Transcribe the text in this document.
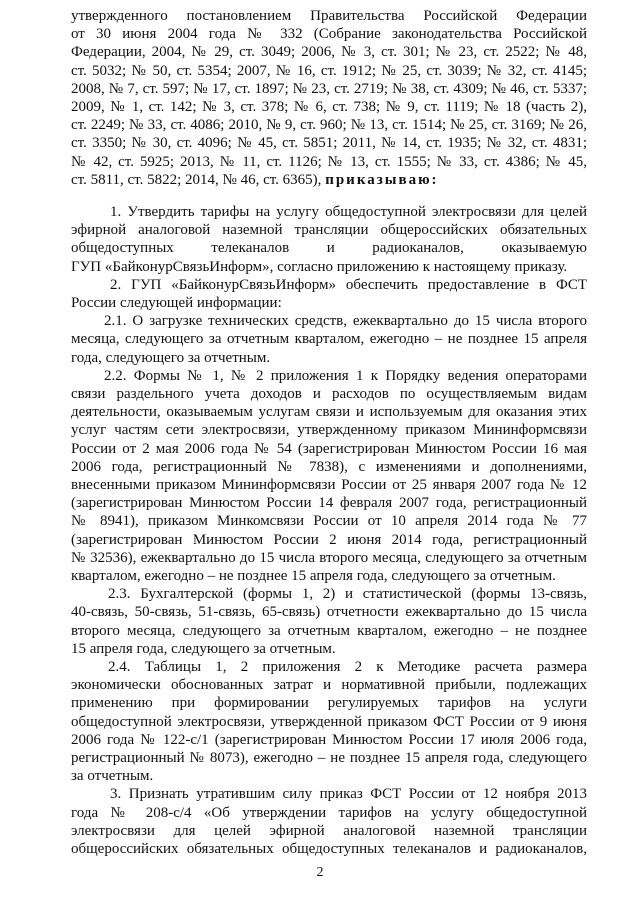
утвержденного постановлением Правительства Российской Федерации
от 30 июня 2004 года № 332 (Собрание законодательства Российской
Федерации, 2004, № 29, ст. 3049; 2006, № 3, ст. 301; № 23, ст. 2522; № 48,
ст. 5032; № 50, ст. 5354; 2007, № 16, ст. 1912; № 25, ст. 3039; № 32, ст. 4145;
2008, № 7, ст. 597; № 17, ст. 1897; № 23, ст. 2719; № 38, ст. 4309; № 46, ст. 5337;
2009, № 1, ст. 142; № 3, ст. 378; № 6, ст. 738; № 9, ст. 1119; № 18 (часть 2),
ст. 2249; № 33, ст. 4086; 2010, № 9, ст. 960; № 13, ст. 1514; № 25, ст. 3169; № 26,
ст. 3350; № 30, ст. 4096; № 45, ст. 5851; 2011, № 14, ст. 1935; № 32, ст. 4831;
№ 42, ст. 5925; 2013, № 11, ст. 1126; № 13, ст. 1555; № 33, ст. 4386; № 45,
ст. 5811, ст. 5822; 2014, № 46, ст. 6365), приказываю:
1. Утвердить тарифы на услугу общедоступной электросвязи для целей
эфирной аналоговой наземной трансляции общероссийских обязательных
общедоступных телеканалов и радиоканалов, оказываемую
ГУП «БайконурСвязьИнформ», согласно приложению к настоящему приказу.
2. ГУП «БайконурСвязьИнформ» обеспечить предоставление в ФСТ
России следующей информации:
2.1. О загрузке технических средств, ежеквартально до 15 числа второго
месяца, следующего за отчетным кварталом, ежегодно – не позднее 15 апреля
года, следующего за отчетным.
2.2. Формы № 1, № 2 приложения 1 к Порядку ведения операторами
связи раздельного учета доходов и расходов по осуществляемым видам
деятельности, оказываемым услугам связи и используемым для оказания этих
услуг частям сети электросвязи, утвержденному приказом Мининформсвязи
России от 2 мая 2006 года № 54 (зарегистрирован Минюстом России 16 мая
2006 года, регистрационный № 7838), с изменениями и дополнениями,
внесенными приказом Мининформсвязи России от 25 января 2007 года № 12
(зарегистрирован Минюстом России 14 февраля 2007 года, регистрационный
№ 8941), приказом Минкомсвязи России от 10 апреля 2014 года № 77
(зарегистрирован Минюстом России 2 июня 2014 года, регистрационный
№ 32536), ежеквартально до 15 числа второго месяца, следующего за отчетным
кварталом, ежегодно – не позднее 15 апреля года, следующего за отчетным.
2.3. Бухгалтерской (формы 1, 2) и статистической (формы 13-связь,
40-связь, 50-связь, 51-связь, 65-связь) отчетности ежеквартально до 15 числа
второго месяца, следующего за отчетным кварталом, ежегодно – не позднее
15 апреля года, следующего за отчетным.
2.4. Таблицы 1, 2 приложения 2 к Методике расчета размера
экономически обоснованных затрат и нормативной прибыли, подлежащих
применению при формировании регулируемых тарифов на услуги
общедоступной электросвязи, утвержденной приказом ФСТ России от 9 июня
2006 года № 122-с/1 (зарегистрирован Минюстом России 17 июля 2006 года,
регистрационный № 8073), ежегодно – не позднее 15 апреля года, следующего
за отчетным.
3. Признать утратившим силу приказ ФСТ России от 12 ноября 2013
года № 208-с/4 «Об утверждении тарифов на услугу общедоступной
электросвязи для целей эфирной аналоговой наземной трансляции
общероссийских обязательных общедоступных телеканалов и радиоканалов,
2
